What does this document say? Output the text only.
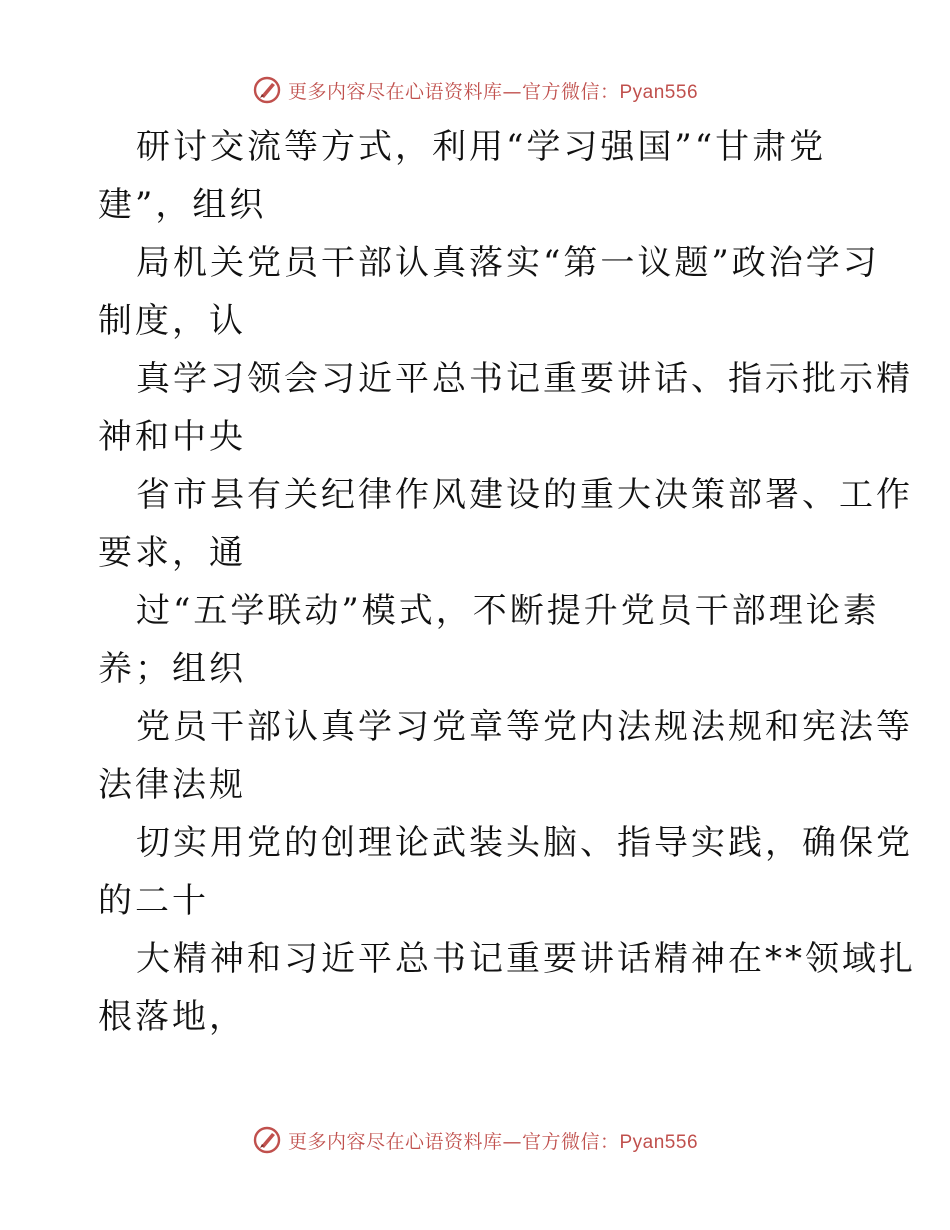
更多内容尽在心语资料库—官方微信：Pyan556
研讨交流等方式，利用“学习强国”“甘肃党
建”，组织
局机关党员干部认真落实“第一议题”政治学习
制度，认
真学习领会习近平总书记重要讲话、指示批示精
神和中央
省市县有关纪律作风建设的重大决策部署、工作
要求，通
过“五学联动”模式，不断提升党员干部理论素
养；组织
党员干部认真学习党章等党内法规法规和宪法等
法律法规
切实用党的创理论武装头脑、指导实践，确保党
的二十
大精神和习近平总书记重要讲话精神在**领域扎
根落地，
更多内容尽在心语资料库—官方微信：Pyan556
